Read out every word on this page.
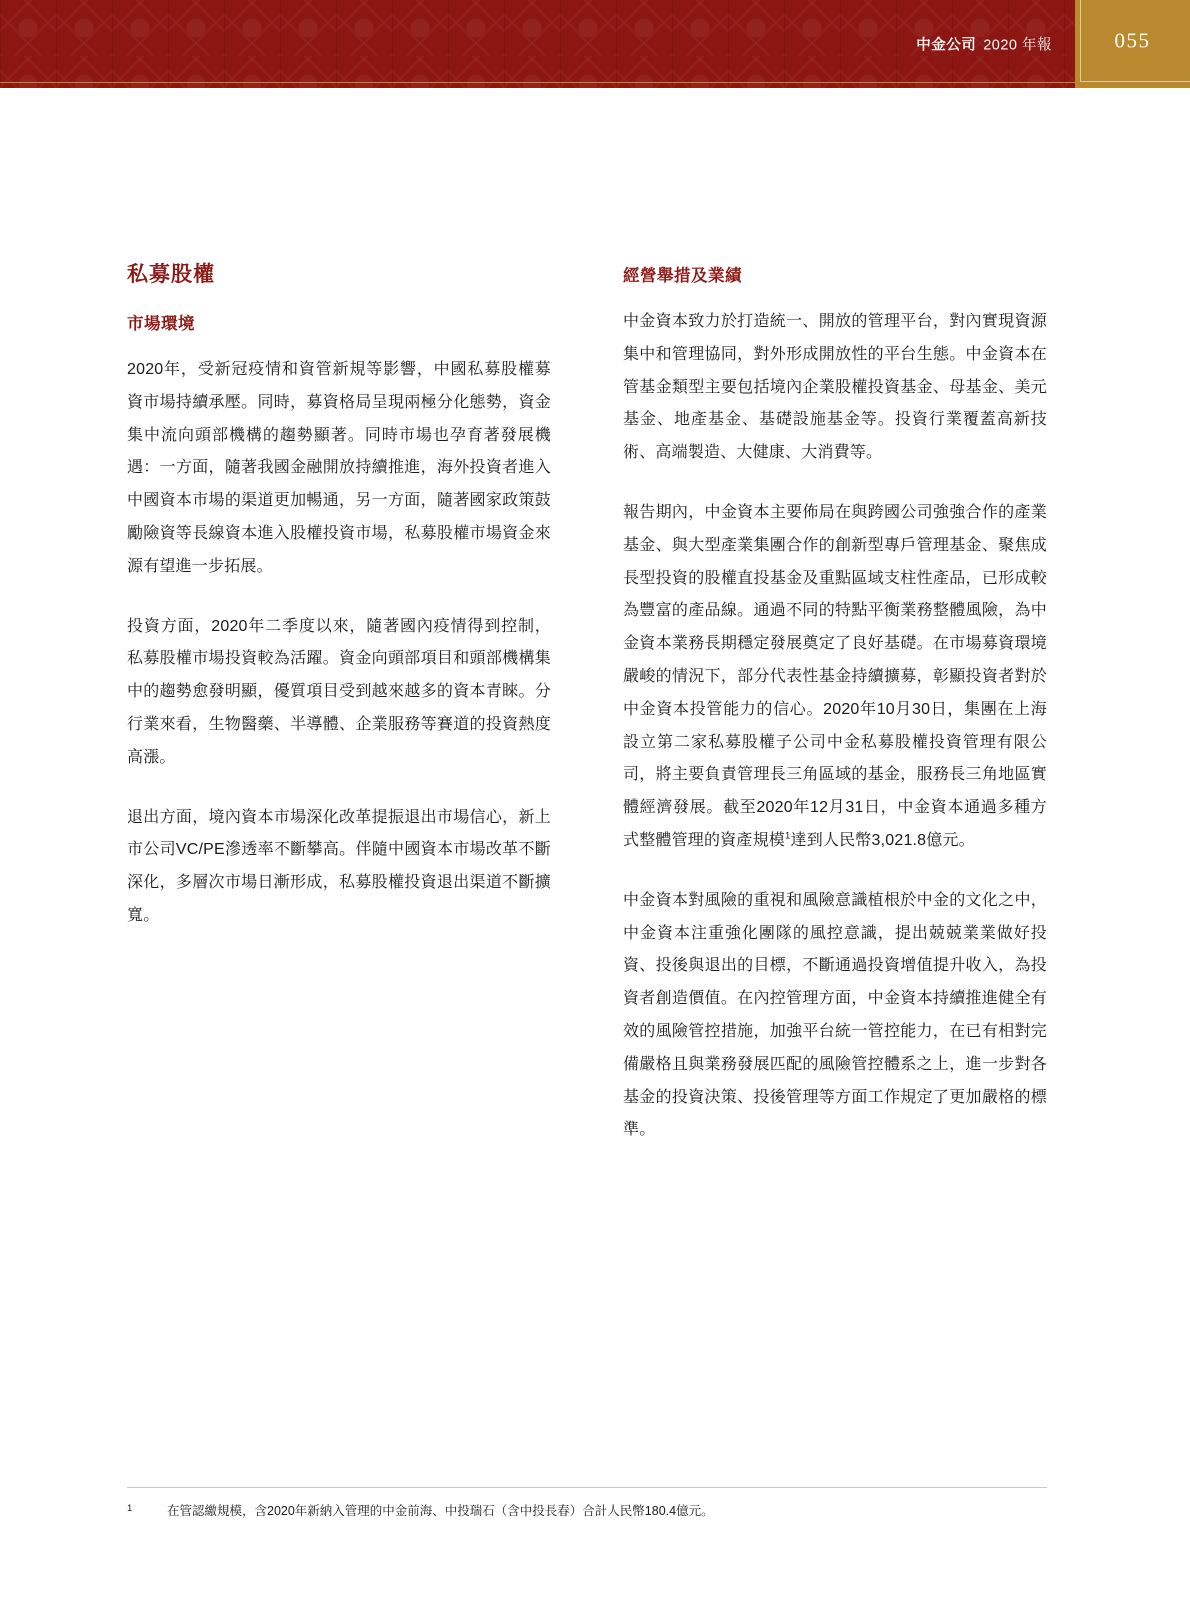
中金公司 2020 年報	055
私募股權
市場環境

2020年，受新冠疫情和資管新規等影響，中國私募股權募資市場持續承壓。同時，募資格局呈現兩極分化態勢，資金集中流向頭部機構的趨勢顯著。同時市場也孕育著發展機遇：一方面，隨著我國金融開放持續推進，海外投資者進入中國資本市場的渠道更加暢通，另一方面，隨著國家政策鼓勵險資等長線資本進入股權投資市場，私募股權市場資金來源有望進一步拓展。

投資方面，2020年二季度以來，隨著國內疫情得到控制，私募股權市場投資較為活躍。資金向頭部項目和頭部機構集中的趨勢愈發明顯，優質項目受到越來越多的資本青睞。分行業來看，生物醫藥、半導體、企業服務等賽道的投資熱度高漲。

退出方面，境內資本市場深化改革提振退出市場信心，新上市公司VC/PE滲透率不斷攀高。伴隨中國資本市場改革不斷深化，多層次市場日漸形成，私募股權投資退出渠道不斷擴寬。

經營舉措及業績

中金資本致力於打造統一、開放的管理平台，對內實現資源集中和管理協同，對外形成開放性的平台生態。中金資本在管基金類型主要包括境內企業股權投資基金、母基金、美元基金、地產基金、基礎設施基金等。投資行業覆蓋高新技術、高端製造、大健康、大消費等。

報告期內，中金資本主要佈局在與跨國公司強強合作的產業基金、與大型產業集團合作的創新型專戶管理基金、聚焦成長型投資的股權直投基金及重點區域支柱性產品，已形成較為豐富的產品線。通過不同的特點平衡業務整體風險，為中金資本業務長期穩定發展奠定了良好基礎。在市場募資環境嚴峻的情況下，部分代表性基金持續擴募，彰顯投資者對於中金資本投管能力的信心。2020年10月30日，集團在上海設立第二家私募股權子公司中金私募股權投資管理有限公司，將主要負責管理長三角區域的基金，服務長三角地區實體經濟發展。截至2020年12月31日，中金資本通過多種方式整體管理的資產規模$^1$達到人民幣3,021.8億元。

中金資本對風險的重視和風險意識植根於中金的文化之中，中金資本注重強化團隊的風控意識，提出兢兢業業做好投資、投後與退出的目標，不斷通過投資增值提升收入，為投資者創造價值。在內控管理方面，中金資本持續推進健全有效的風險管控措施，加強平台統一管控能力，在已有相對完備嚴格且與業務發展匹配的風險管控體系之上，進一步對各基金的投資決策、投後管理等方面工作規定了更加嚴格的標準。

1	在管認繳規模，含2020年新納入管理的中金前海、中投瑞石（含中投長春）合計人民幣180.4億元。
